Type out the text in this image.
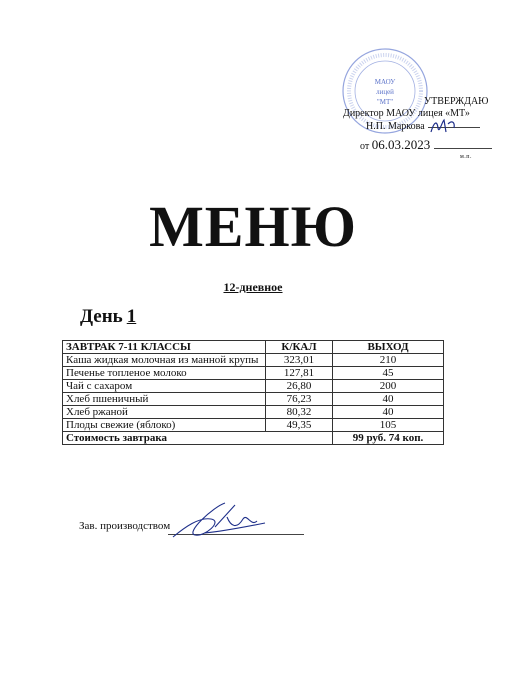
МАОУ
лицей
"МТ"	УТВЕРЖДАЮ
Директор МАОУ лицея «МТ»
Н.П. Маркова
от 06.03.2023
м.п.
МЕНЮ
12-дневное
День 1
ЗАВТРАК 7-11 КЛАССЫ	К/КАЛ	ВЫХОД
Каша жидкая молочная из манной крупы	323,01	210
Печенье топленое молоко	127,81	45
Чай с сахаром	26,80	200
Хлеб пшеничный	76,23	40
Хлеб ржаной	80,32	40
Плоды свежие (яблоко)	49,35	105
Стоимость завтрака		99 руб. 74 коп.
Зав. производством
